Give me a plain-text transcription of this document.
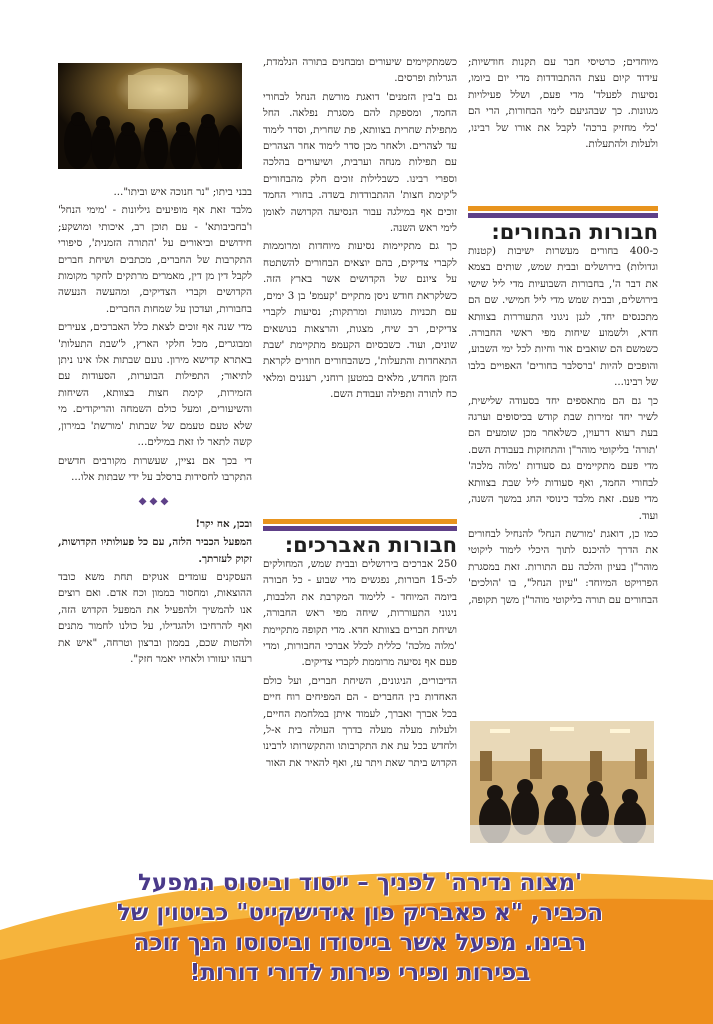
מיוחדים; כרטיסי חבר עם תקנות חודשיות; עידוד קיום עצת ההתבודדות מדי יום ביומו, נסיעות לפעלד' מדי פעם, ושלל פעילויות מגוונות. כך שבהגיעם לימי הבחורות, הרי הם 'כלי מחזיק ברכה' לקבל את אורו של רבינו, ולעלות ולהתעלות.

חבורות הבחורים:

כ-400 בחורים מעשרות ישיבות (קטנות וגדולות) בירושלים ובבית שמש, שותים בצמא את דבר ה', בחבורות השבועיות מדי ליל שישי בירושלים, ובבית שמש מדי ליל חמישי. שם הם מתכנסים יחד, לגנן ניגוני התעוררות בצוותא חדא, ולשמוע שיחות מפי ראשי החבורה. כשמשם הם שואבים אור וחיות לכל ימי השבוע, והופכים להיות 'ברסלבר בחורים' האפויים בלבו של רבינו...

כך גם הם מתאספים יחד בסעודה שלישית, לשיר יחד זמירות שבת קודש בכיסופים וערגה בעת רעוא דרעוין, כשלאחר מכן שומעים הם 'תורה' בליקוטי מוהר"ן והתחזקות בעבודת השם. מדי פעם מתקיימים גם סעודות 'מלוה מלכה' לבחורי החמד, ואף סעודות ליל שבת בצוותא מדי פעם. זאת מלבד כינוסי החג במשך השנה, ועוד.

כמו כן, דואגת 'מורשת הנחל' להנחיל לבחורים את הדרך להיכנס לתוך היכלי לימוד ליקוטי מוהר"ן בעיון והלכה עם התורות. זאת במסגרת הפרויקט המיוחד: "עיון הנחל", בו 'הולכים' הבחורים עם תורה בליקוטי מוהר"ן משך תקופה,

כשמתקיימים שיעורים ומבחנים בתורה הנלמדת, הגרלות ופרסים.

גם ב'בין הזמנים' דואגת מורשת הנחל לבחורי החמד, ומספקת להם מסגרת נפלאה. החל מתפילת שחרית בצוותא, פת שחרית, וסדר לימוד עד לצהרים. ולאחר מכן סדר לימוד אחר הצהרים עם תפילות מנחה וערבית, ושיעורים בהלכה וספרי רבינו. כשבלילות זוכים חלק מהבחורים ל'קימת חצות' ההתבודדות בשדה. בחורי החמד זוכים אף במילגה עבור הנסיעה הקדושה לאומן לימי ראש השנה.

כך גם מתקיימות נסיעות מיוחדות ומרוממות לקברי צדיקים, בהם יוצאים הבחורים להשתטח על ציונם של הקדושים אשר בארץ הזה. כשלקראת חודש ניסן מתקיים 'קעמפ' בן 3 ימים, עם תכניות מגוונות ומרתקות; נסיעות לקברי צדיקים, רב שיח, מצגות, והרצאות בנושאים שונים, ועוד. כשבסיום הקעמפ מתקיימת 'שבת התאחדות והתעלות', כשהבחורים חוזרים לקראת הזמן החדש, מלאים במטען רוחני, רעננים ומלאי כח לתורה ותפילה ועבודת השם.

חבורות האברכים:

250 אברכים בירושלים ובבית שמש, המחולקים לכ-15 חבורות, נפגשים מדי שבוע - כל חבורה ביומה המיוחד - ללימוד המקרבת את הלבבות, ניגוני התעוררות, שיחה מפי ראש החבורה, ושיחת חברים בצוותא חדא. מדי תקופה מתקיימת 'מלוה מלכה' כללית לכלל אברכי החבורות, ומדי פעם אף נסיעה מרוממת לקברי צדיקים.

הדיבורים, הניגונים, השיחת חברים, ועל כולם האחדות בין החברים - הם המפיחים רוח חיים בכל אברך ואברך, לעמוד איתן במלחמת החיים, ולעלות מעלה מעלה בדרך העולה בית א-ל, ולחדש בכל עת את התקרבותו והתקשרותו לרבינו הקדוש ביתר שאת ויתר עז, ואף להאיר את האור

בבני ביתו; "נר חנוכה איש וביתו"...

מלבד זאת אף מופיעים גיליונות - 'מימי הנחל' ו'בחביבותא' - עם תוכן רב, איכותי ומושקע; חידושים וביאורים על 'התורה הזמנית', סיפורי התקרבות של החברים, מכתבים ושיחת חברים לקבל דין מן דין, מאמרים מרתקים לחקר מקומות הקדושים וקברי הצדיקים, ומהעשה הנעשה בחבורות, ועדכון על שמחות החברים.

מדי שנה אף זוכים לצאת כלל האברכים, צעירים ומבוגרים, מכל חלקי הארץ, ל'שבת התעלות' באתרא קדישא מירון. נועם שבתות אלו אינו ניתן לתיאור; התפילות הבוערות, הסעודות עם הזמירות, קימת חצות בצוותא, השיחות והשיעורים, ומעל כולם השמחה והריקודים. מי שלא טעם טעמם של שבתות 'מורשת' במירון, קשה לתאר לו זאת במילים...

די בכך אם נציין, שעשרות מקורבים חדשים התקרבו לחסידות ברסלב על ידי שבתות אלו...

◆◆◆

ובכן, אח יקר!

המפעל הכביר הלזה, עם כל פעולותיו הקדושות, זקוק לעזרתך.

העסקנים עומדים אנוקים תחת משא כובד ההוצאות, ומחסור בממון וכח אדם. ואם רוצים אנו להמשיך ולהפעיל את המפעל הקדוש הזה, ואף להרחיבו ולהגדילו, על כולנו לחמור מתנים ולהטות שכם, בממון וברצון וטרחה, "איש את רעהו יעזורו ולאחיו יאמר חזק".

'מצוה נדירה' לפניך – ייסוד וביסוס המפעל
הכביר, "א פאבריק פון אידישקייט" כביטוין של
רבינו. מפעל אשר בייסודו וביסוסו הנך זוכה
בפירות ופירי פירות לדורי דורות!
